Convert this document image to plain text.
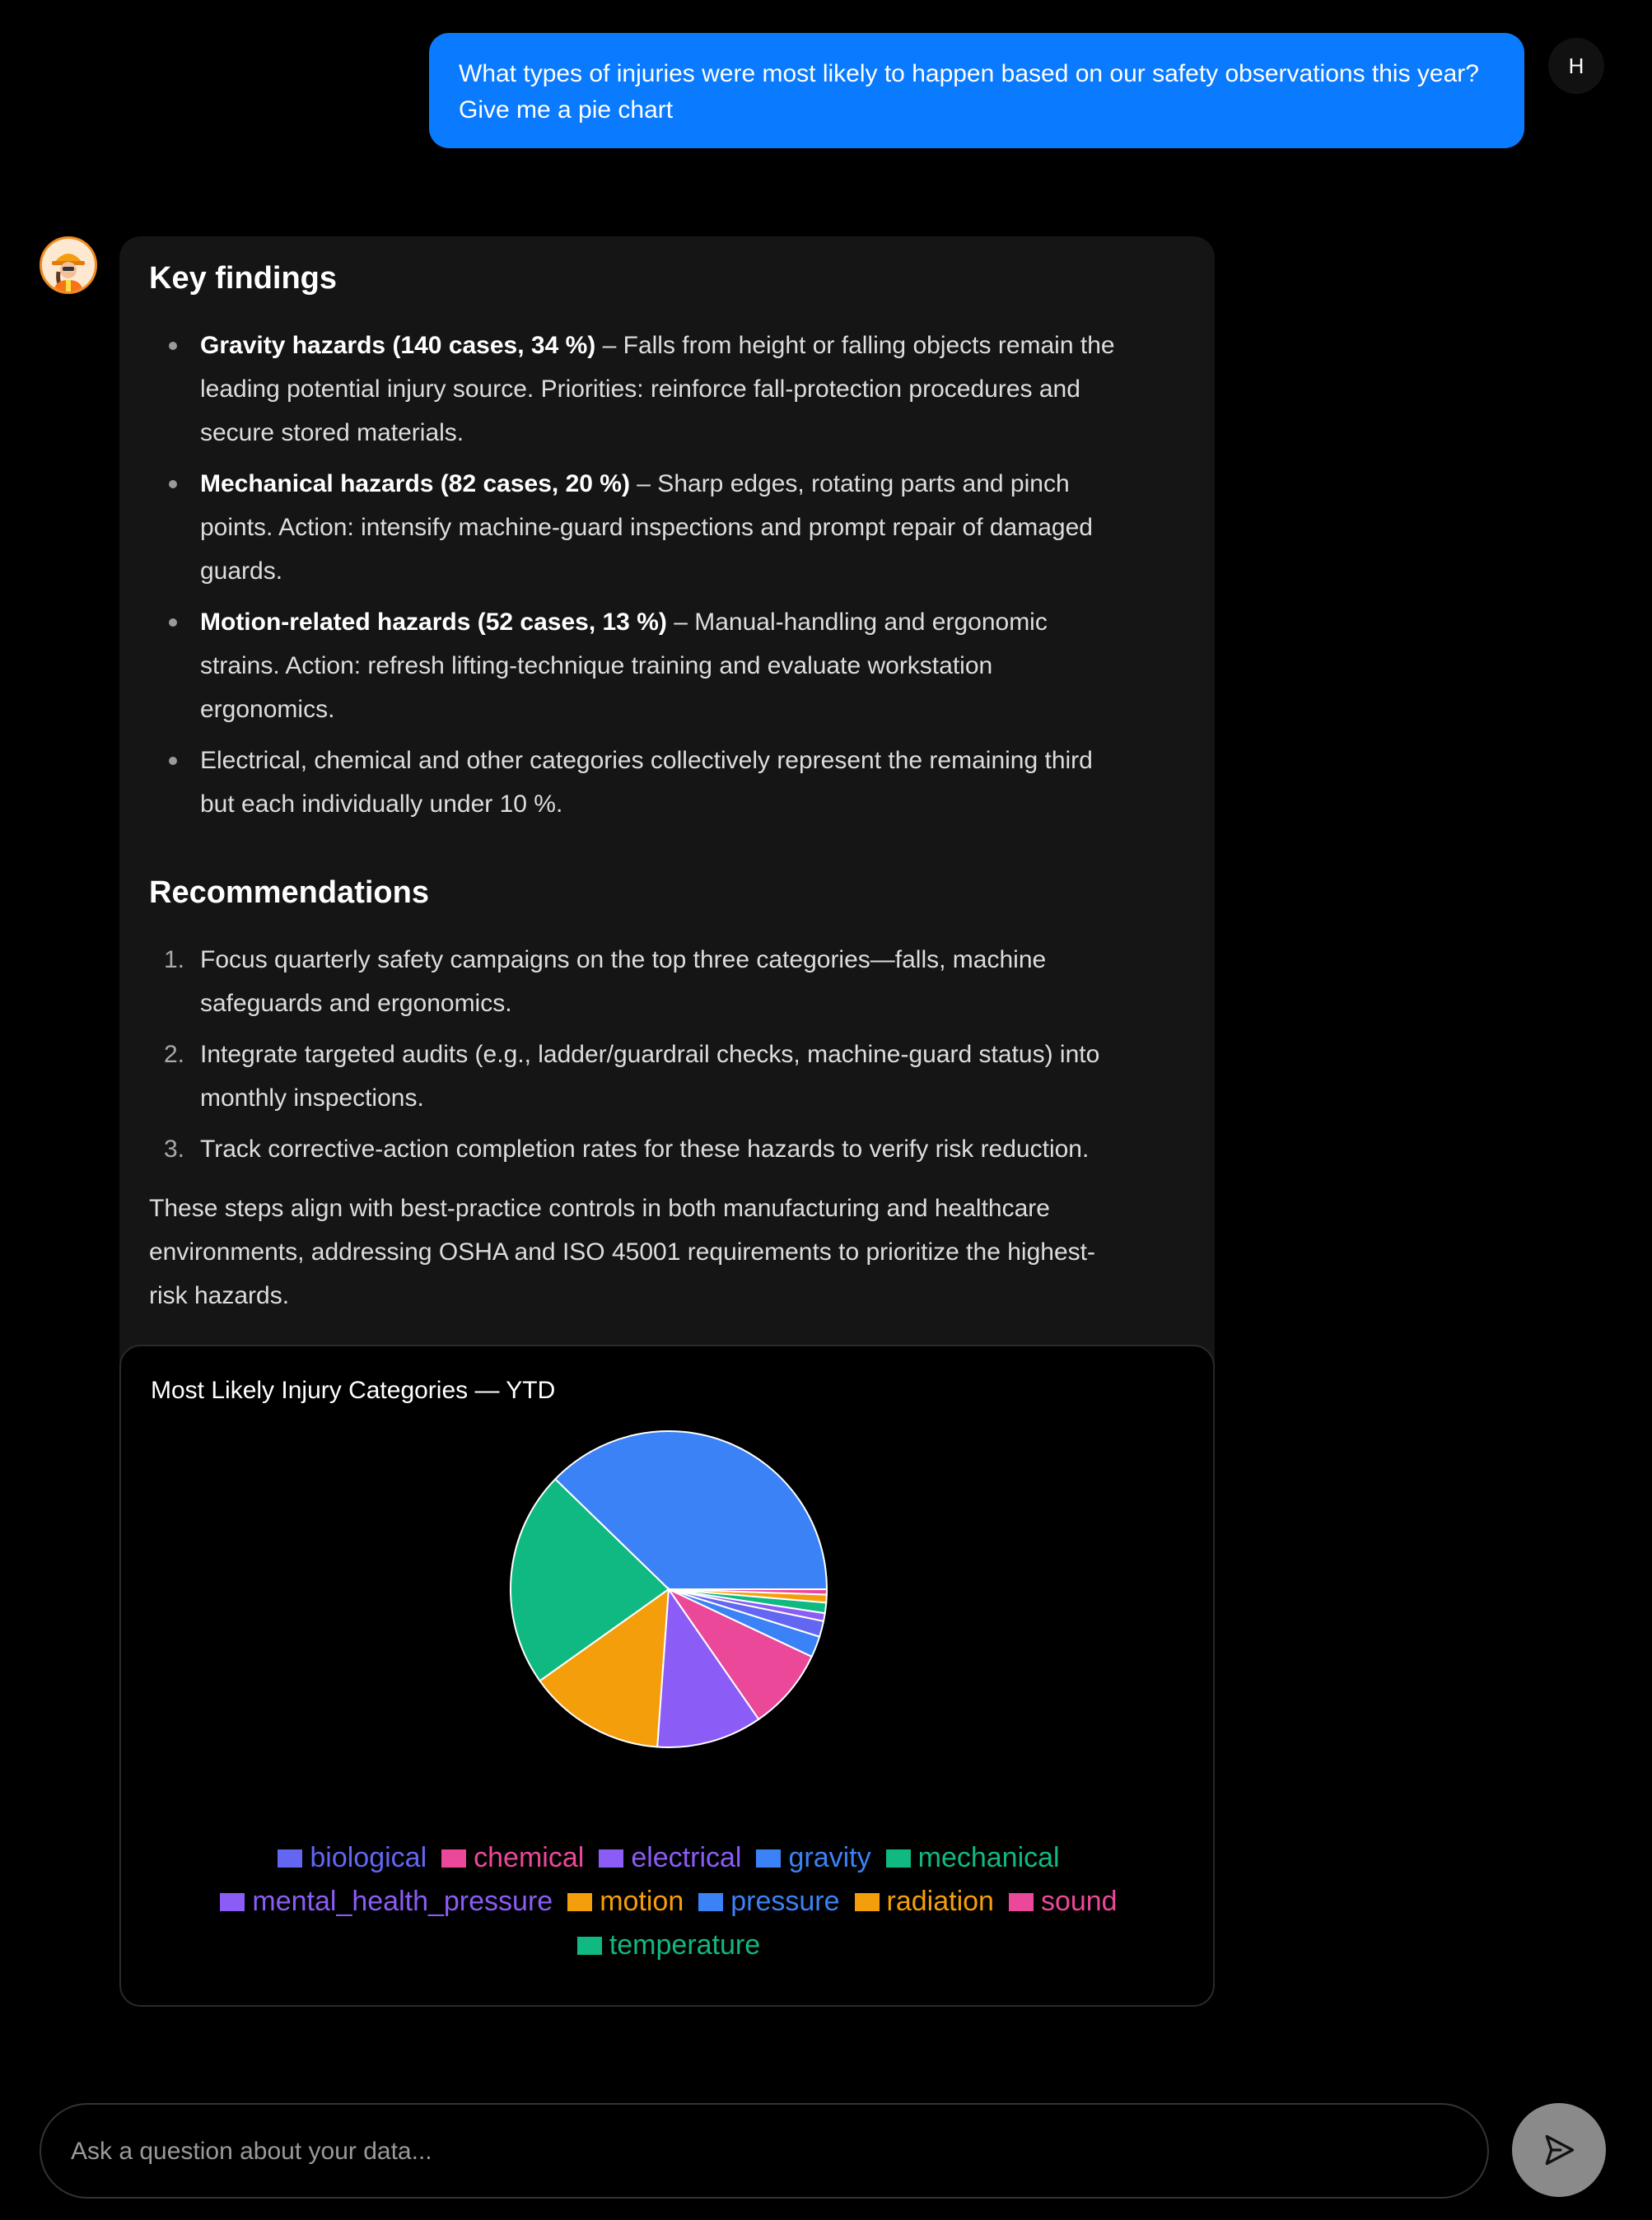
What types of injuries were most likely to happen based on our safety observations this year? Give me a pie chart
H
Key findings
Gravity hazards (140 cases, 34 %) – Falls from height or falling objects remain the
leading potential injury source. Priorities: reinforce fall-protection procedures and
secure stored materials.
Mechanical hazards (82 cases, 20 %) – Sharp edges, rotating parts and pinch
points. Action: intensify machine-guard inspections and prompt repair of damaged
guards.
Motion-related hazards (52 cases, 13 %) – Manual-handling and ergonomic
strains. Action: refresh lifting-technique training and evaluate workstation
ergonomics.
Electrical, chemical and other categories collectively represent the remaining third
but each individually under 10 %.
Recommendations
1. Focus quarterly safety campaigns on the top three categories—falls, machine
safeguards and ergonomics.
2. Integrate targeted audits (e.g., ladder/guardrail checks, machine-guard status) into
monthly inspections.
3. Track corrective-action completion rates for these hazards to verify risk reduction.

These steps align with best-practice controls in both manufacturing and healthcare
environments, addressing OSHA and ISO 45001 requirements to prioritize the highest-
risk hazards.

Most Likely Injury Categories — YTD
biological chemical electrical gravity mechanical
mental_health_pressure motion pressure radiation sound
temperature
Ask a question about your data...
